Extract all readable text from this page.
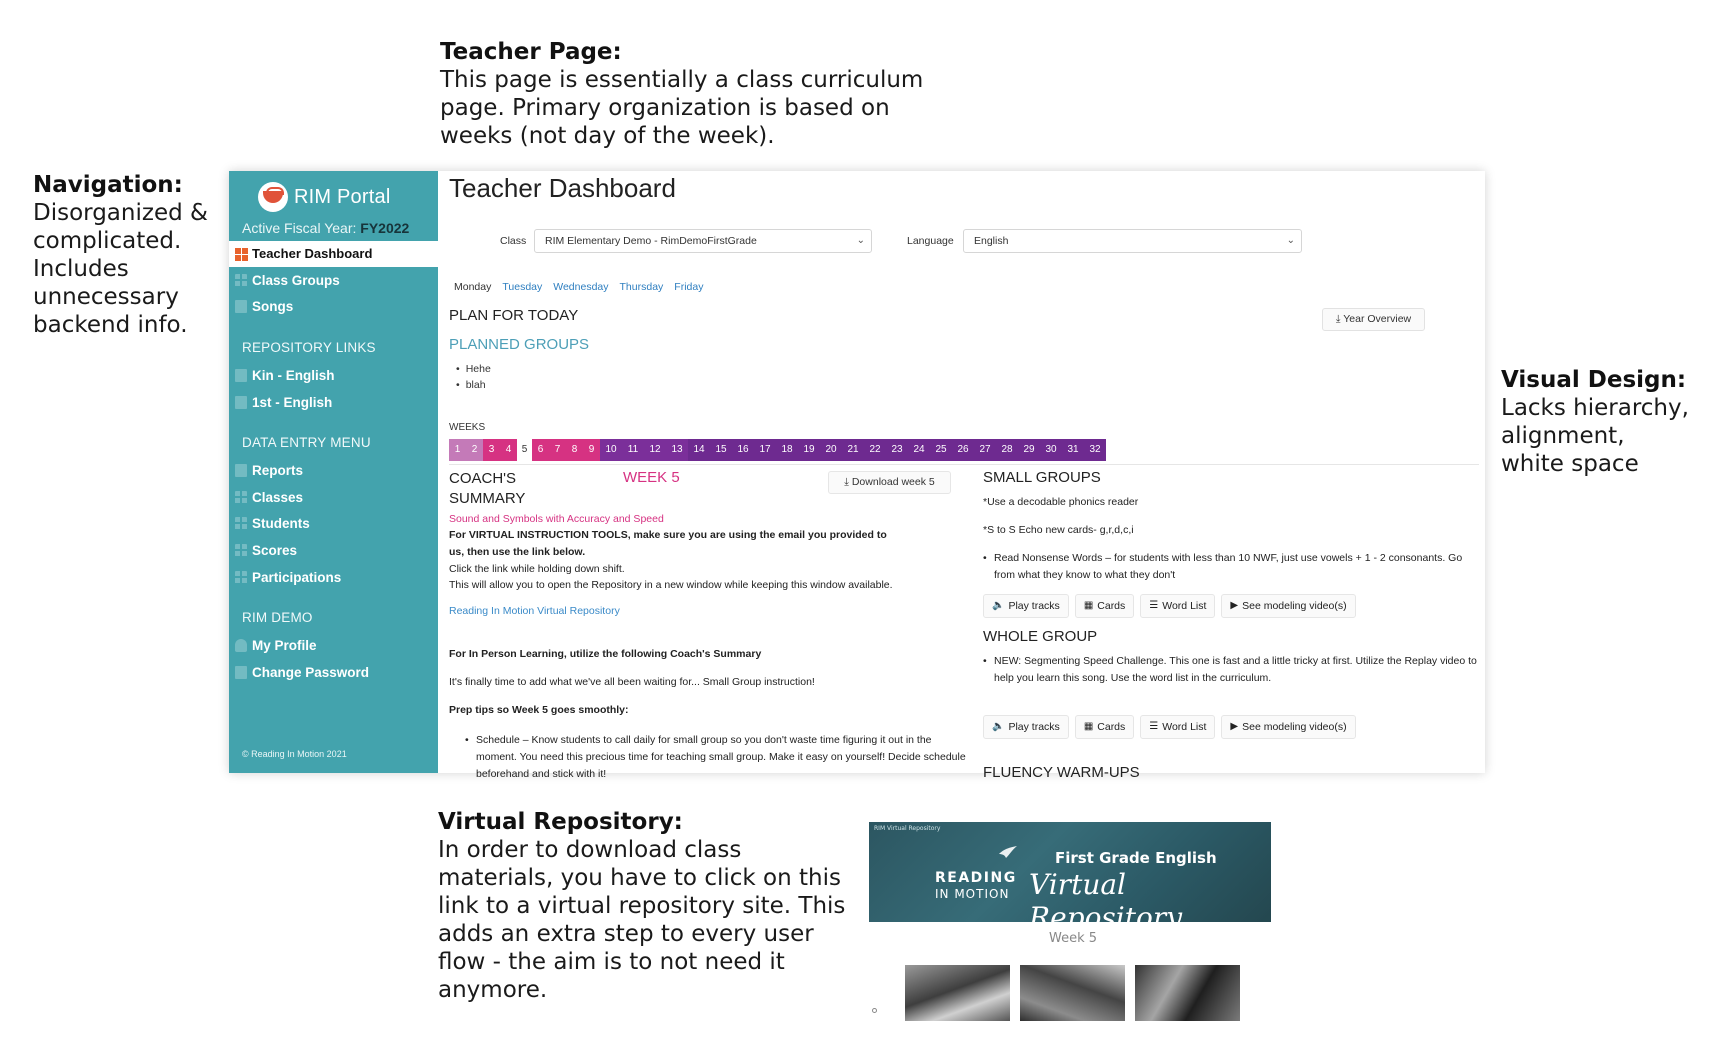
Teacher Page:
This page is essentially a class curriculum
page. Primary organization is based on
weeks (not day of the week).
Navigation:
Disorganized &
complicated.
Includes
unnecessary
backend info.
Visual Design:
Lacks hierarchy,
alignment,
white space
Virtual Repository:
In order to download class
materials, you have to click on this
link to a virtual repository site. This
adds an extra step to every user
flow - the aim is to not need it
anymore.
RIM Portal
Active Fiscal Year: FY2022
Teacher Dashboard
Class Groups
Songs
REPOSITORY LINKS
Kin - English
1st - English
DATA ENTRY MENU
Reports
Classes
Students
Scores
Participations
RIM DEMO
My Profile
Change Password
© Reading In Motion 2021
Teacher Dashboard
Class	RIM Elementary Demo - RimDemoFirstGrade	⌄	Language	English	⌄
Monday Tuesday Wednesday Thursday Friday
PLAN FOR TODAY	⤓ Year Overview
PLANNED GROUPS
• Hehe
• blah
WEEKS
1	2	3	4	5	6	7	8	9	10	11	12	13	14	15	16	17	18	19	20	21	22	23	24	25	26	27	28	29	30	31	32
COACH'S SUMMARY
WEEK 5	⤓ Download week 5
Sound and Symbols with Accuracy and Speed
For VIRTUAL INSTRUCTION TOOLS, make sure you are using the email you provided to us, then use the link below.
Click the link while holding down shift.
This will allow you to open the Repository in a new window while keeping this window available.
Reading In Motion Virtual Repository
For In Person Learning, utilize the following Coach's Summary
It's finally time to add what we've all been waiting for... Small Group instruction!
Prep tips so Week 5 goes smoothly:
• Schedule – Know students to call daily for small group so you don't waste time figuring it out in the moment. You need this precious time for teaching small group. Make it easy on yourself! Decide schedule beforehand and stick with it!
SMALL GROUPS
*Use a decodable phonics reader
*S to S Echo new cards- g,r,d,c,i
• Read Nonsense Words – for students with less than 10 NWF, just use vowels + 1 - 2 consonants. Go from what they know to what they don't
🔈 Play tracks ▦ Cards ☰ Word List ▶ See modeling video(s)
WHOLE GROUP
• NEW: Segmenting Speed Challenge. This one is fast and a little tricky at first. Utilize the Replay video to help you learn this song. Use the word list in the curriculum.
🔈 Play tracks ▦ Cards ☰ Word List ▶ See modeling video(s)
FLUENCY WARM-UPS
RIM Virtual Repository
READING
IN MOTION
First Grade English
Virtual Repository
Week 5
